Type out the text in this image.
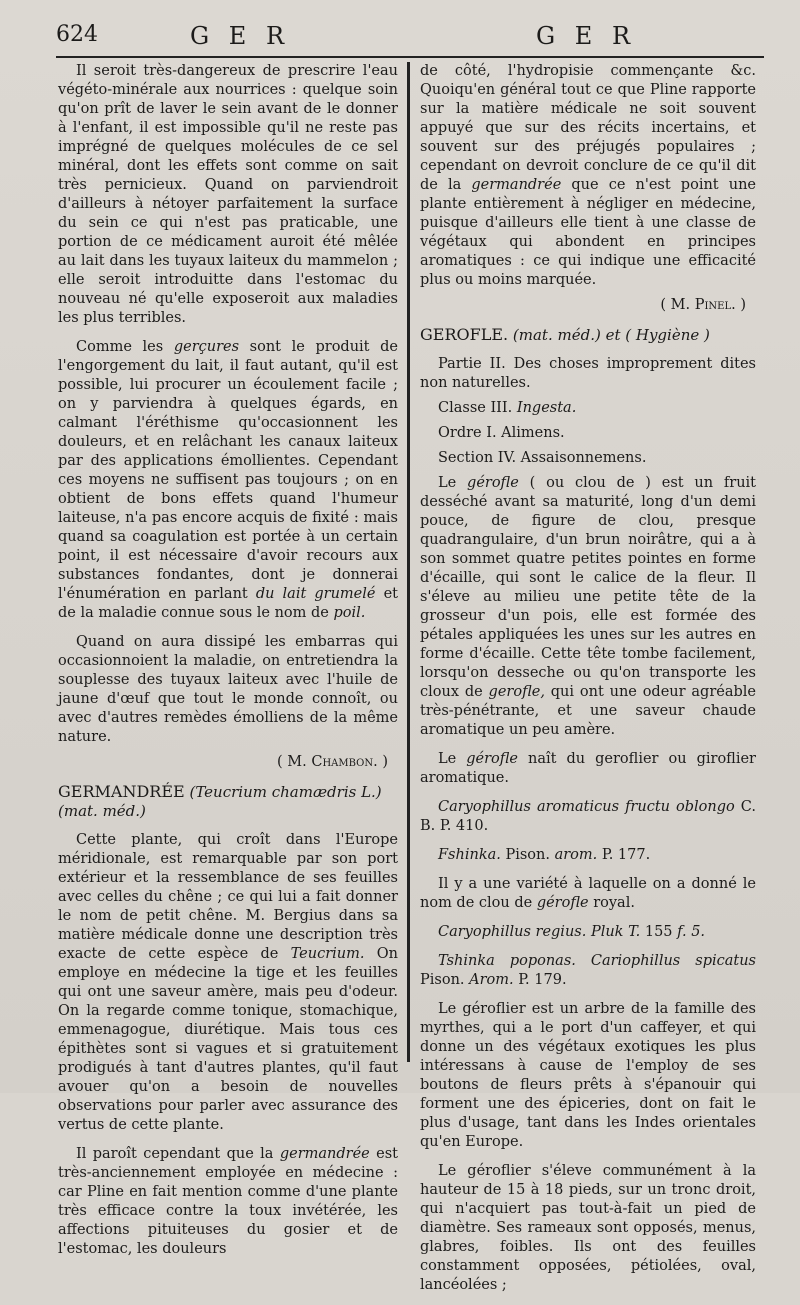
624	G E R	G E R

Il seroit très-dangereux de prescrire l'eau végéto-minérale aux nourrices : quelque soin qu'on prît de laver le sein avant de le donner à l'enfant, il est impossible qu'il ne reste pas imprégné de quelques molécules de ce sel minéral, dont les effets sont comme on sait très pernicieux. Quand on parviendroit d'ailleurs à nétoyer parfaitement la surface du sein ce qui n'est pas praticable, une portion de ce médicament auroit été mêlée au lait dans les tuyaux laiteux du mammelon ; elle seroit introduitte dans l'estomac du nouveau né qu'elle exposeroit aux maladies les plus terribles.

Comme les gerçures sont le produit de l'engorgement du lait, il faut autant, qu'il est possible, lui procurer un écoulement facile ; on y parviendra à quelques égards, en calmant l'éréthisme qu'occasionnent les douleurs, et en relâchant les canaux laiteux par des applications émollientes. Cependant ces moyens ne suffisent pas toujours ; on en obtient de bons effets quand l'humeur laiteuse, n'a pas encore acquis de fixité : mais quand sa coagulation est portée à un certain point, il est nécessaire d'avoir recours aux substances fondantes, dont je donnerai l'énumération en parlant du lait grumelé et de la maladie connue sous le nom de poil.

Quand on aura dissipé les embarras qui occasionnoient la maladie, on entretiendra la souplesse des tuyaux laiteux avec l'huile de jaune d'œuf que tout le monde connoît, ou avec d'autres remèdes émolliens de la même nature.

( M. Chambon. )

GERMANDRÉE (Teucrium chamædris L.)
(mat. méd.)

Cette plante, qui croît dans l'Europe méridionale, est remarquable par son port extérieur et la ressemblance de ses feuilles avec celles du chêne ; ce qui lui a fait donner le nom de petit chêne. M. Bergius dans sa matière médicale donne une description très exacte de cette espèce de Teucrium. On employe en médecine la tige et les feuilles qui ont une saveur amère, mais peu d'odeur. On la regarde comme tonique, stomachique, emmenagogue, diurétique. Mais tous ces épithètes sont si vagues et si gratuitement prodigués à tant d'autres plantes, qu'il faut avouer qu'on a besoin de nouvelles observations pour parler avec assurance des vertus de cette plante.

Il paroît cependant que la germandrée est très-anciennement employée en médecine : car Pline en fait mention comme d'une plante très efficace contre la toux invétérée, les affections pituiteuses du gosier et de l'estomac, les douleurs

de côté, l'hydropisie commençante &c. Quoiqu'en général tout ce que Pline rapporte sur la matière médicale ne soit souvent appuyé que sur des récits incertains, et souvent sur des préjugés populaires ; cependant on devroit conclure de ce qu'il dit de la germandrée que ce n'est point une plante entièrement à négliger en médecine, puisque d'ailleurs elle tient à une classe de végétaux qui abondent en principes aromatiques : ce qui indique une efficacité plus ou moins marquée.

( M. Pinel. )

GEROFLE. (mat. méd.) et ( Hygiène )

Partie II. Des choses improprement dites non naturelles.

Classe III. Ingesta.

Ordre I. Alimens.

Section IV. Assaisonnemens.

Le gérofle ( ou clou de ) est un fruit desséché avant sa maturité, long d'un demi pouce, de figure de clou, presque quadrangulaire, d'un brun noirâtre, qui a à son sommet quatre petites pointes en forme d'écaille, qui sont le calice de la fleur. Il s'éleve au milieu une petite tête de la grosseur d'un pois, elle est formée des pétales appliquées les unes sur les autres en forme d'écaille. Cette tête tombe facilement, lorsqu'on desseche ou qu'on transporte les cloux de gerofle, qui ont une odeur agréable très-pénétrante, et une saveur chaude aromatique un peu amère.

Le gérofle naît du geroflier ou giroflier aromatique.

Caryophillus aromaticus fructu oblongo C. B. P. 410.

Fshinka. Pison. arom. P. 177.

Il y a une variété à laquelle on a donné le nom de clou de gérofle royal.

Caryophillus regius. Pluk T. 155 f. 5.

Tshinka poponas. Cariophillus spicatus Pison. Arom. P. 179.

Le géroflier est un arbre de la famille des myrthes, qui a le port d'un caffeyer, et qui donne un des végétaux exotiques les plus intéressans à cause de l'employ de ses boutons de fleurs prêts à s'épanouir qui forment une des épiceries, dont on fait le plus d'usage, tant dans les Indes orientales qu'en Europe.

Le géroflier s'éleve communément à la hauteur de 15 à 18 pieds, sur un tronc droit, qui n'acquiert pas tout-à-fait un pied de diamètre. Ses rameaux sont opposés, menus, glabres, foibles. Ils ont des feuilles constamment opposées, pétiolées, oval, lancéolées ;
